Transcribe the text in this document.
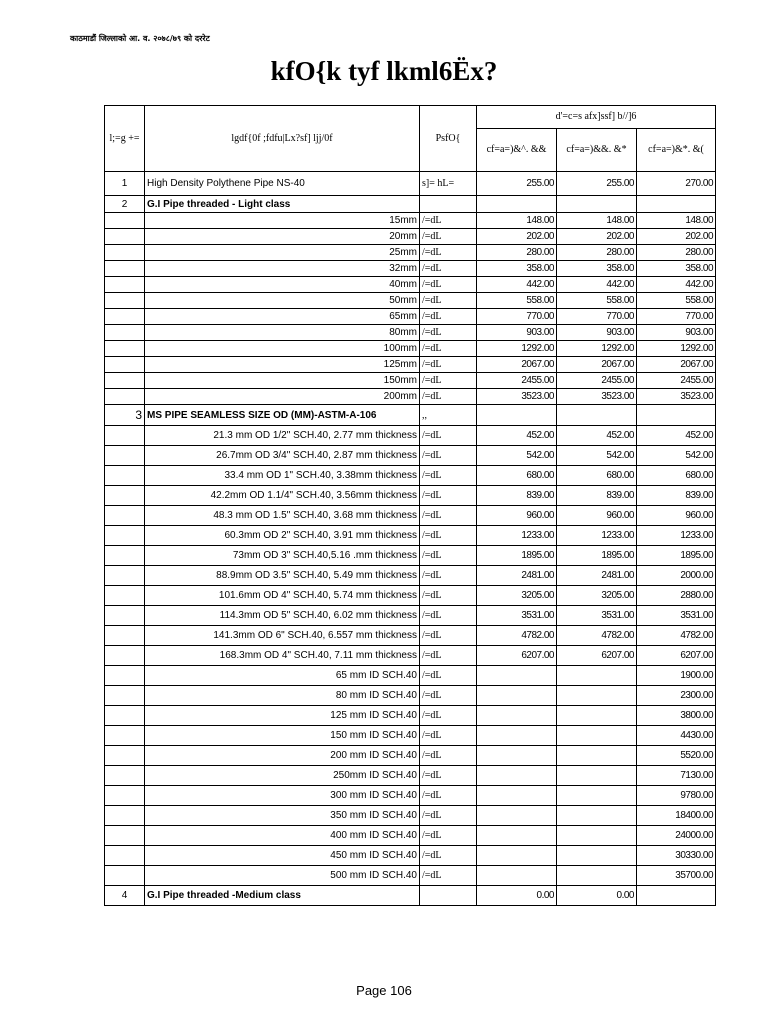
काठमाडौं जिल्लाको आ. व. २०७८/७९ को दररेट
kfO{k tyf lkml6Ëx?
l;=g +=	lgdf{0f ;fdfu|Lx?sf] ljj/0f	PsfO{	d'=c=s afx]ssf] b//]6		
			cf=a=)&^. &&	cf=a=)&&. &*	cf=a=)&*. &(
1	High Density Polythene Pipe NS-40	s]= hL=	255.00	255.00	270.00
2	G.I Pipe threaded - Light class				
	15mm	/=dL	148.00	148.00	148.00
	20mm	/=dL	202.00	202.00	202.00
	25mm	/=dL	280.00	280.00	280.00
	32mm	/=dL	358.00	358.00	358.00
	40mm	/=dL	442.00	442.00	442.00
	50mm	/=dL	558.00	558.00	558.00
	65mm	/=dL	770.00	770.00	770.00
	80mm	/=dL	903.00	903.00	903.00
	100mm	/=dL	1292.00	1292.00	1292.00
	125mm	/=dL	2067.00	2067.00	2067.00
	150mm	/=dL	2455.00	2455.00	2455.00
	200mm	/=dL	3523.00	3523.00	3523.00
3	MS PIPE SEAMLESS SIZE OD (MM)-ASTM-A-106	,,			
	21.3 mm OD 1/2" SCH.40, 2.77 mm thickness	/=dL	452.00	452.00	452.00
	26.7mm OD 3/4" SCH.40, 2.87 mm thickness	/=dL	542.00	542.00	542.00
	33.4 mm OD 1" SCH.40, 3.38mm thickness	/=dL	680.00	680.00	680.00
	42.2mm OD 1.1/4" SCH.40, 3.56mm thickness	/=dL	839.00	839.00	839.00
	48.3 mm OD 1.5" SCH.40, 3.68 mm thickness	/=dL	960.00	960.00	960.00
	60.3mm OD 2" SCH.40, 3.91 mm thickness	/=dL	1233.00	1233.00	1233.00
	73mm OD 3" SCH.40,5.16 .mm thickness	/=dL	1895.00	1895.00	1895.00
	88.9mm OD 3.5" SCH.40, 5.49 mm thickness	/=dL	2481.00	2481.00	2000.00
	101.6mm OD 4" SCH.40, 5.74 mm thickness	/=dL	3205.00	3205.00	2880.00
	114.3mm OD 5" SCH.40, 6.02 mm thickness	/=dL	3531.00	3531.00	3531.00
	141.3mm OD 6" SCH.40, 6.557 mm thickness	/=dL	4782.00	4782.00	4782.00
	168.3mm OD 4" SCH.40, 7.11 mm thickness	/=dL	6207.00	6207.00	6207.00
	65 mm ID SCH.40	/=dL			1900.00
	80 mm ID SCH.40	/=dL			2300.00
	125 mm ID SCH.40	/=dL			3800.00
	150 mm ID SCH.40	/=dL			4430.00
	200 mm ID SCH.40	/=dL			5520.00
	250mm ID SCH.40	/=dL			7130.00
	300 mm ID SCH.40	/=dL			9780.00
	350 mm ID SCH.40	/=dL			18400.00
	400 mm ID SCH.40	/=dL			24000.00
	450 mm ID SCH.40	/=dL			30330.00
	500 mm ID SCH.40	/=dL			35700.00
4	G.I Pipe threaded -Medium class		0.00	0.00	
Page 106
